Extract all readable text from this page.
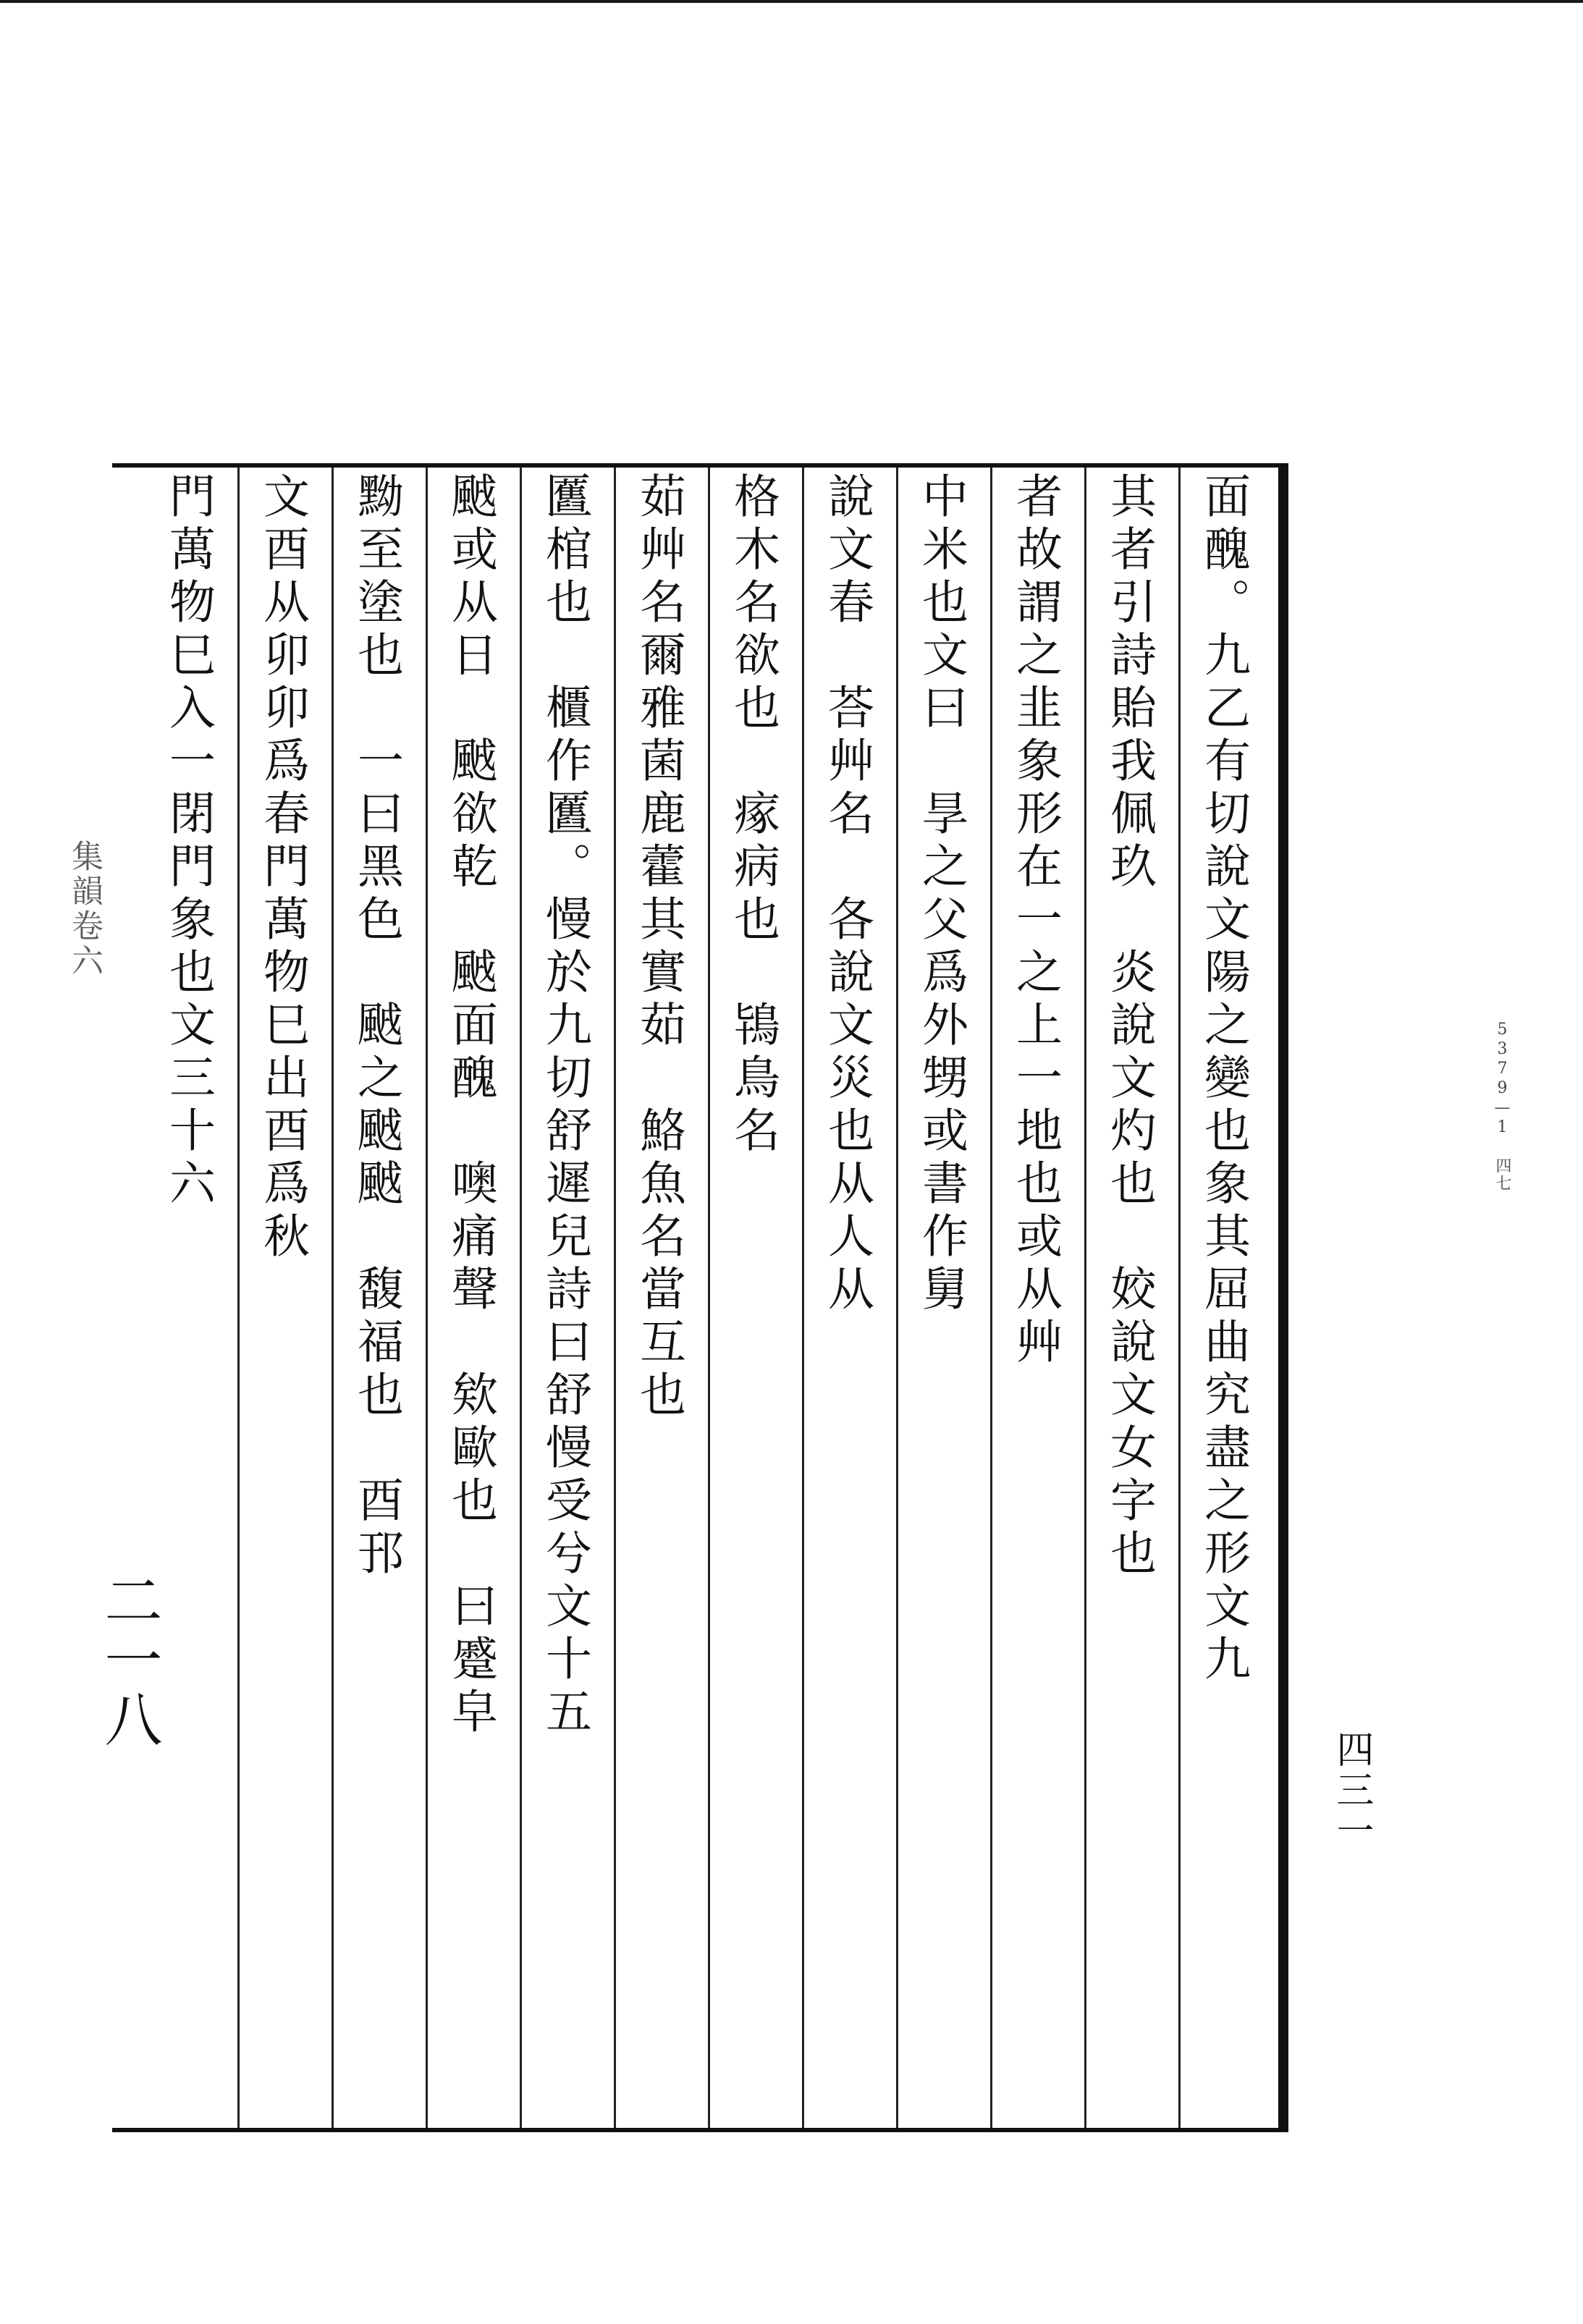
面醜。九乙有切說文陽之變也象其屈曲究盡之形文九
其者引詩貽我佩玖　炎說文灼也　姣說文女字也
者故謂之韭象形在一之上一地也或从艸
中米也文曰　㫗之父爲外甥或書作舅
說文春　荅艸名　各說文災也从人从
格木名欲也　瘃病也　鴇鳥名
茹艸名爾雅菌鹿藿其實茹　鮥魚名當互也
匶棺也　櫃作匶。慢於九切舒遲兒詩曰舒慢受兮文十五
䬄或从日　䬄欲乾　䬄面醜　噢痛聲　欸歐也　曰蹙皁
黝至塗也　一曰黑色　䬄之䬄䬄　馥福也　酉邘
文酉从卯卯爲春門萬物巳出酉爲秋
門萬物巳入一閉門象也文三十六
集韻卷六
二一八
四三一
5379—1 四七
